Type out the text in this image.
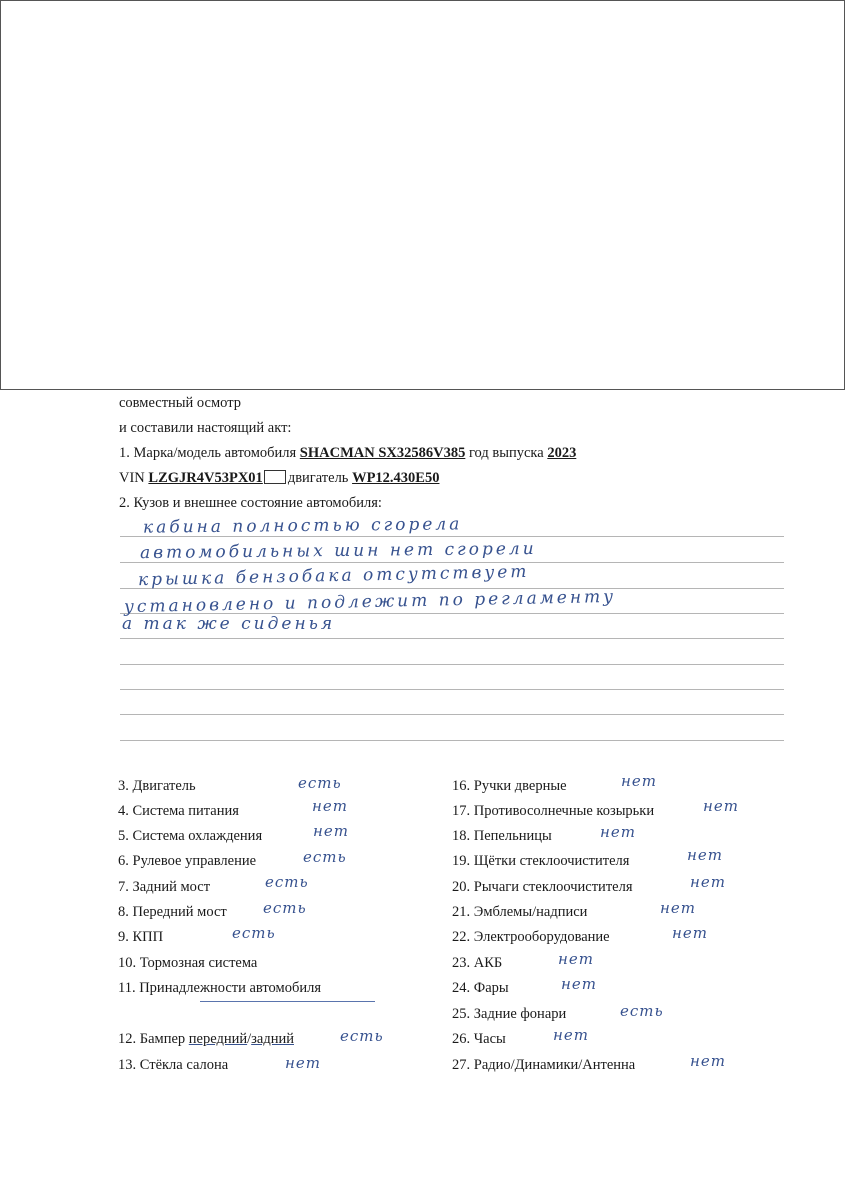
совместный осмотр
и составили настоящий акт:
1. Марка/модель автомобиля SHACMAN SX32586V385 год выпуска 2023
VIN LZGJR4V53PX01 двигатель WP12.430E50
2. Кузов и внешнее состояние автомобиля:
кабина полностью сгорела
автомобильных шин нет сгорели
крышка бензобака отсутствует
установлено и подлежит по регламенту
а так же сиденья
3. Двигатель	есть
4. Система питания	нет
5. Система охлаждения	нет
6. Рулевое управление	есть
7. Задний мост	есть
8. Передний мост есть
9. КПП	есть
10. Тормозная система
11. Принадлежности автомобиля
12. Бампер передний/задний	есть
13. Стёкла салона	нет
16. Ручки дверные	нет
17. Противосолнечные козырьки	нет
18. Пепельницы	нет
19. Щётки стеклоочистителя	нет
20. Рычаги стеклоочистителя	нет
21. Эмблемы/надписи	нет
22. Электрооборудование	нет
23. АКБ	нет
24. Фары	нет
25. Задние фонари	есть
26. Часы	нет
27. Радио/Динамики/Антенна	нет
